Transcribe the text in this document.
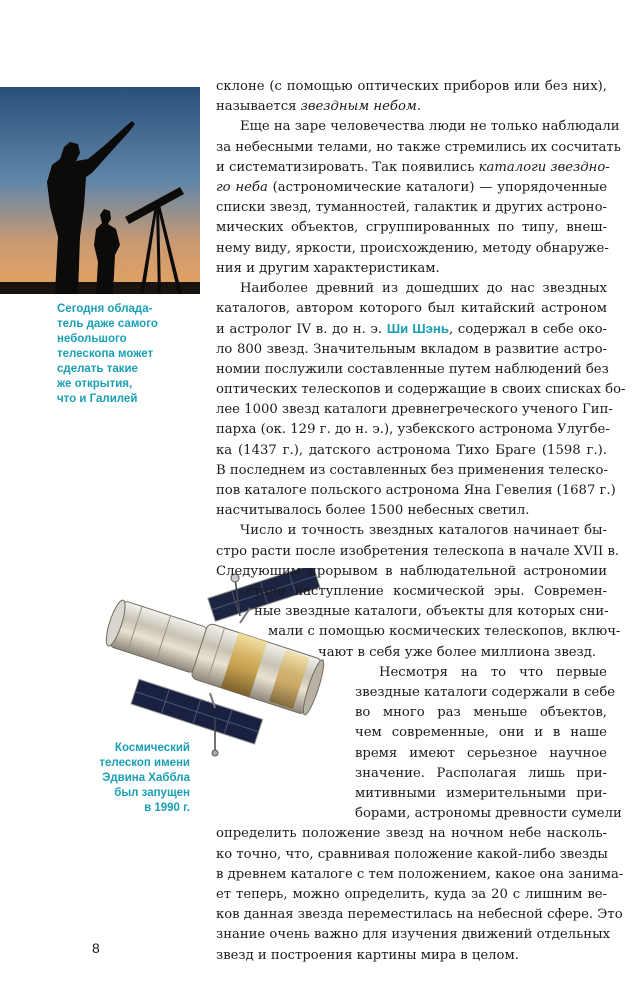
Сегодня облада-
тель даже самого
небольшого
телескопа может
сделать такие
же открытия,
что и Галилей
Космический
телескоп имени
Эдвина Хаббла
был запущен
в 1990 г.
склоне (с помощью оптических приборов или без них),
называется звездным небом.
Еще на заре человечества люди не только наблюдали
за небесными телами, но также стремились их сосчитать
и систематизировать. Так появились каталоги звездно-
го неба (астрономические каталоги) — упорядоченные
списки звезд, туманностей, галактик и других астроно-
мических объектов, сгруппированных по типу, внеш-
нему виду, яркости, происхождению, методу обнаруже-
ния и другим характеристикам.
Наиболее древний из дошедших до нас звездных
каталогов, автором которого был китайский астроном
и астролог IV в. до н. э. Ши Шэнь, содержал в себе око-
ло 800 звезд. Значительным вкладом в развитие астро-
номии послужили составленные путем наблюдений без
оптических телескопов и содержащие в своих списках бо-
лее 1000 звезд каталоги древнегреческого ученого Гип-
парха (ок. 129 г. до н. э.), узбекского астронома Улугбе-
ка (1437 г.), датского астронома Тихо Браге (1598 г.).
В последнем из составленных без применения телеско-
пов каталоге польского астронома Яна Гевелия (1687 г.)
насчитывалось более 1500 небесных светил.
Число и точность звездных каталогов начинает бы-
стро расти после изобретения телескопа в начале XVII в.
Следующим прорывом в наблюдательной астрономии
стало наступление космической эры. Современ-
ные звездные каталоги, объекты для которых сни-
мали с помощью космических телескопов, включ-
чают в себя уже более миллиона звезд.
Несмотря на то что первые
звездные каталоги содержали в себе
во много раз меньше объектов,
чем современные, они и в наше
время имеют серьезное научное
значение. Располагая лишь при-
митивными измерительными при-
борами, астрономы древности сумели
определить положение звезд на ночном небе насколь-
ко точно, что, сравнивая положение какой-либо звезды
в древнем каталоге с тем положением, какое она занима-
ет теперь, можно определить, куда за 20 с лишним ве-
ков данная звезда переместилась на небесной сфере. Это
знание очень важно для изучения движений отдельных
звезд и построения картины мира в целом.
8
